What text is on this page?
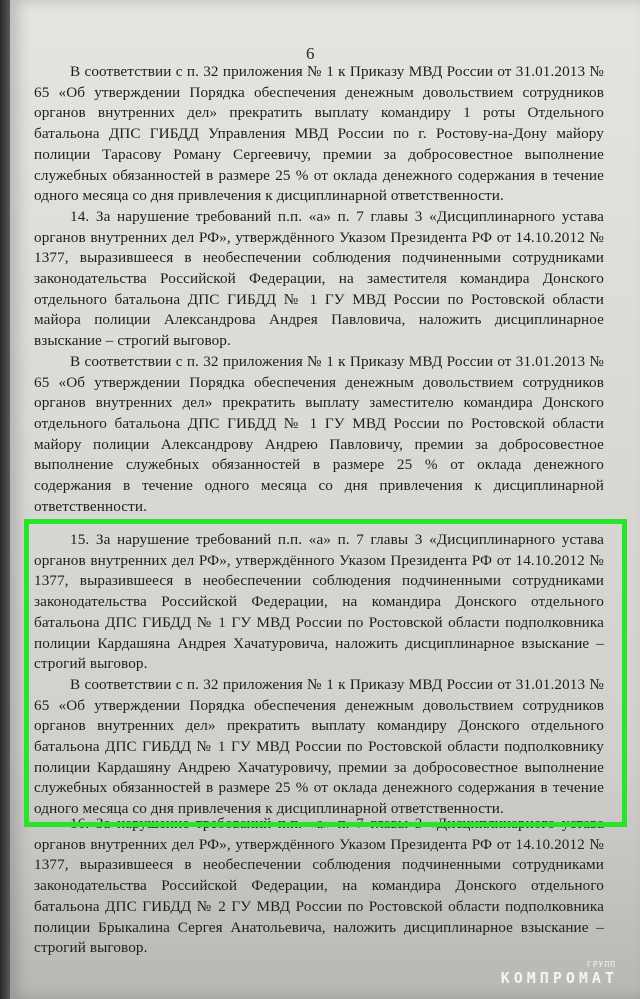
6

В соответствии с п. 32 приложения № 1 к Приказу МВД России от 31.01.2013 № 65 «Об утверждении Порядка обеспечения денежным довольствием сотрудников органов внутренних дел» прекратить выплату командиру 1 роты Отдельного батальона ДПС ГИБДД Управления МВД России по г. Ростову-на-Дону майору полиции Тарасову Роману Сергеевичу, премии за добросовестное выполнение служебных обязанностей в размере 25 % от оклада денежного содержания в течение одного месяца со дня привлечения к дисциплинарной ответственности.

14. За нарушение требований п.п. «а» п. 7 главы 3 «Дисциплинарного устава органов внутренних дел РФ», утверждённого Указом Президента РФ от 14.10.2012 № 1377, выразившееся в необеспечении соблюдения подчиненными сотрудниками законодательства Российской Федерации, на заместителя командира Донского отдельного батальона ДПС ГИБДД № 1 ГУ МВД России по Ростовской области майора полиции Александрова Андрея Павловича, наложить дисциплинарное взыскание – строгий выговор.

В соответствии с п. 32 приложения № 1 к Приказу МВД России от 31.01.2013 № 65 «Об утверждении Порядка обеспечения денежным довольствием сотрудников органов внутренних дел» прекратить выплату заместителю командира Донского отдельного батальона ДПС ГИБДД № 1 ГУ МВД России по Ростовской области майору полиции Александрову Андрею Павловичу, премии за добросовестное выполнение служебных обязанностей в размере 25 % от оклада денежного содержания в течение одного месяца со дня привлечения к дисциплинарной ответственности.

15. За нарушение требований п.п. «а» п. 7 главы 3 «Дисциплинарного устава органов внутренних дел РФ», утверждённого Указом Президента РФ от 14.10.2012 № 1377, выразившееся в необеспечении соблюдения подчиненными сотрудниками законодательства Российской Федерации, на командира Донского отдельного батальона ДПС ГИБДД № 1 ГУ МВД России по Ростовской области подполковника полиции Кардашяна Андрея Хачатуровича, наложить дисциплинарное взыскание – строгий выговор.

В соответствии с п. 32 приложения № 1 к Приказу МВД России от 31.01.2013 № 65 «Об утверждении Порядка обеспечения денежным довольствием сотрудников органов внутренних дел» прекратить выплату командиру Донского отдельного батальона ДПС ГИБДД № 1 ГУ МВД России по Ростовской области подполковнику полиции Кардашяну Андрею Хачатуровичу, премии за добросовестное выполнение служебных обязанностей в размере 25 % от оклада денежного содержания в течение одного месяца со дня привлечения к дисциплинарной ответственности.

16. За нарушение требований п.п. «а» п. 7 главы 3 «Дисциплинарного устава органов внутренних дел РФ», утверждённого Указом Президента РФ от 14.10.2012 № 1377, выразившееся в необеспечении соблюдения подчиненными сотрудниками законодательства Российской Федерации, на командира Донского отдельного батальона ДПС ГИБДД № 2 ГУ МВД России по Ростовской области подполковника полиции Брыкалина Сергея Анатольевича, наложить дисциплинарное взыскание – строгий выговор.

ГРУПП
КОМПРОМАТ
